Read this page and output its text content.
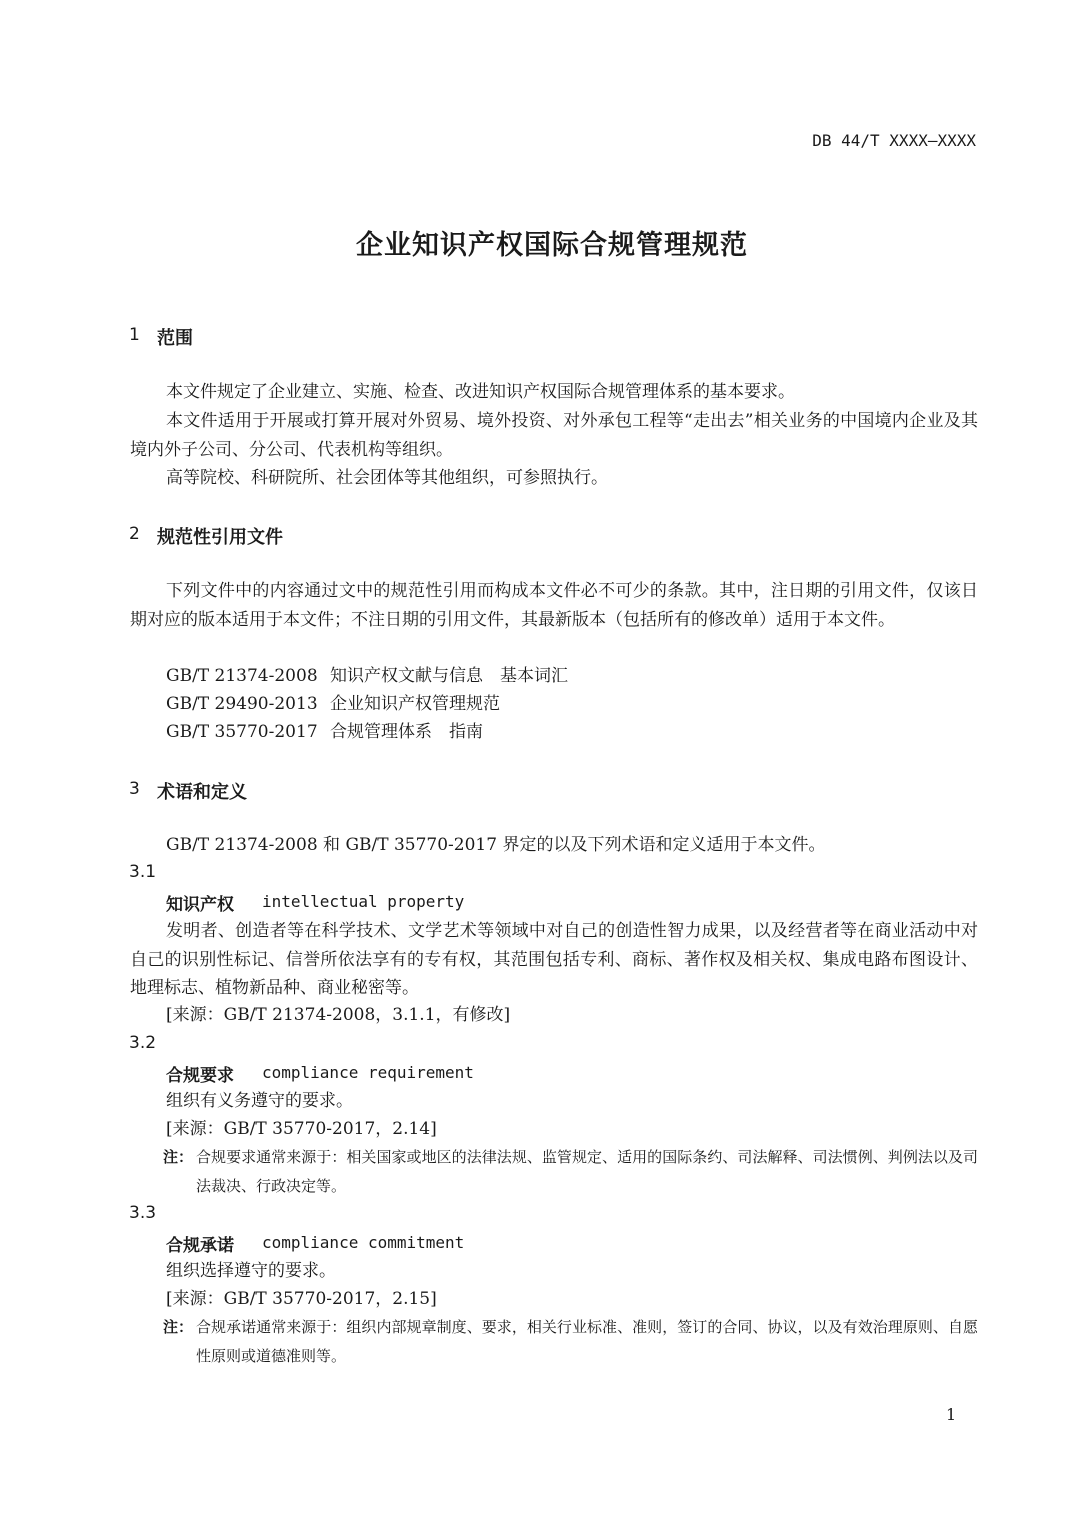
DB 44/T XXXX—XXXX
企业知识产权国际合规管理规范
1 范围
本文件规定了企业建立、实施、检查、改进知识产权国际合规管理体系的基本要求。
本文件适用于开展或打算开展对外贸易、境外投资、对外承包工程等“走出去”相关业务的中国境内企业及其境内外子公司、分公司、代表机构等组织。
高等院校、科研院所、社会团体等其他组织，可参照执行。
2 规范性引用文件
下列文件中的内容通过文中的规范性引用而构成本文件必不可少的条款。其中，注日期的引用文件，仅该日期对应的版本适用于本文件；不注日期的引用文件，其最新版本（包括所有的修改单）适用于本文件。
GB/T 21374-2008 知识产权文献与信息　基本词汇
GB/T 29490-2013 企业知识产权管理规范
GB/T 35770-2017 合规管理体系　指南
3 术语和定义
GB/T 21374-2008 和 GB/T 35770-2017 界定的以及下列术语和定义适用于本文件。
3.1
知识产权 intellectual property
发明者、创造者等在科学技术、文学艺术等领域中对自己的创造性智力成果，以及经营者等在商业活动中对自己的识别性标记、信誉所依法享有的专有权，其范围包括专利、商标、著作权及相关权、集成电路布图设计、地理标志、植物新品种、商业秘密等。
[来源：GB/T 21374-2008，3.1.1，有修改]
3.2
合规要求 compliance requirement
组织有义务遵守的要求。
[来源：GB/T 35770-2017，2.14]
注： 合规要求通常来源于：相关国家或地区的法律法规、监管规定、适用的国际条约、司法解释、司法惯例、判例法以及司法裁决、行政决定等。
3.3
合规承诺 compliance commitment
组织选择遵守的要求。
[来源：GB/T 35770-2017，2.15]
注： 合规承诺通常来源于：组织内部规章制度、要求，相关行业标准、准则，签订的合同、协议，以及有效治理原则、自愿性原则或道德准则等。
1
